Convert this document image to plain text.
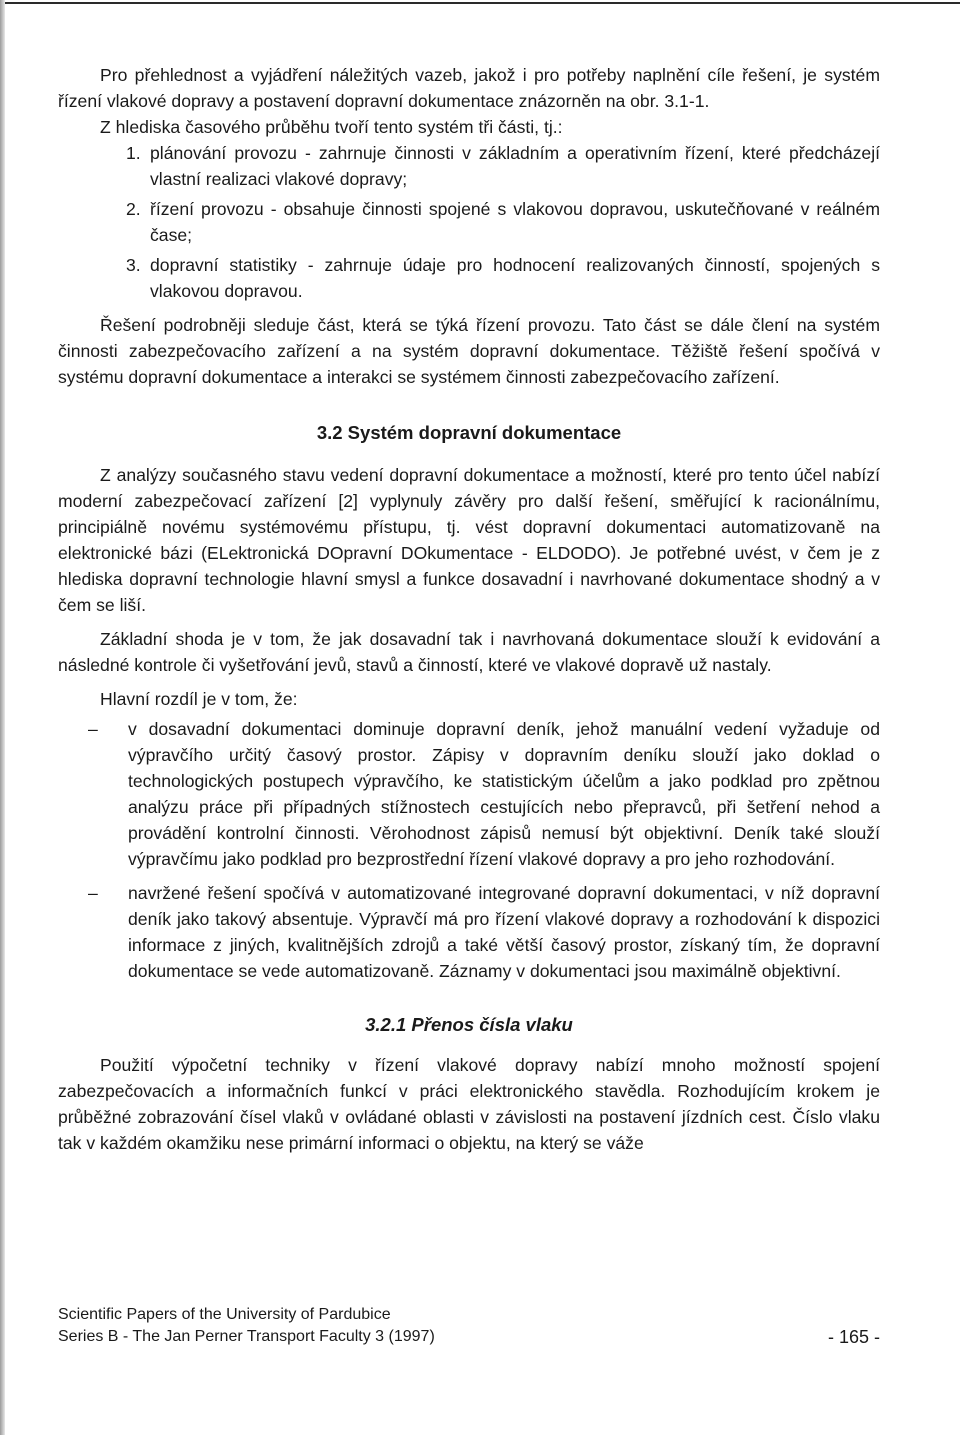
Pro přehlednost a vyjádření náležitých vazeb, jakož i pro potřeby naplnění cíle řešení, je systém řízení vlakové dopravy a postavení dopravní dokumentace znázorněn na obr. 3.1-1.

Z hlediska časového průběhu tvoří tento systém tři části, tj.:

1. plánování provozu - zahrnuje činnosti v základním a operativním řízení, které předcházejí vlastní realizaci vlakové dopravy;
2. řízení provozu - obsahuje činnosti spojené s vlakovou dopravou, uskutečňované v reálném čase;
3. dopravní statistiky - zahrnuje údaje pro hodnocení realizovaných činností, spojených s vlakovou dopravou.

Řešení podrobněji sleduje část, která se týká řízení provozu. Tato část se dále člení na systém činnosti zabezpečovacího zařízení a na systém dopravní dokumentace. Těžiště řešení spočívá v systému dopravní dokumentace a interakci se systémem činnosti zabezpečovacího zařízení.

3.2 Systém dopravní dokumentace

Z analýzy současného stavu vedení dopravní dokumentace a možností, které pro tento účel nabízí moderní zabezpečovací zařízení [2] vyplynuly závěry pro další řešení, směřující k racionálnímu, principiálně novému systémovému přístupu, tj. vést dopravní dokumentaci automatizovaně na elektronické bázi (ELektronická DOpravní DOkumentace - ELDODO). Je potřebné uvést, v čem je z hlediska dopravní technologie hlavní smysl a funkce dosavadní i navrhované dokumentace shodný a v čem se liší.

Základní shoda je v tom, že jak dosavadní tak i navrhovaná dokumentace slouží k evidování a následné kontrole či vyšetřování jevů, stavů a činností, které ve vlakové dopravě už nastaly.

Hlavní rozdíl je v tom, že:

–	v dosavadní dokumentaci dominuje dopravní deník, jehož manuální vedení vyžaduje od výpravčího určitý časový prostor. Zápisy v dopravním deníku slouží jako doklad o technologických postupech výpravčího, ke statistickým účelům a jako podklad pro zpětnou analýzu práce při případných stížnostech cestujících nebo přepravců, při šetření nehod a provádění kontrolní činnosti. Věrohodnost zápisů nemusí být objektivní. Deník také slouží výpravčímu jako podklad pro bezprostřední řízení vlakové dopravy a pro jeho rozhodování.
–	navržené řešení spočívá v automatizované integrované dopravní dokumentaci, v níž dopravní deník jako takový absentuje. Výpravčí má pro řízení vlakové dopravy a rozhodování k dispozici informace z jiných, kvalitnějších zdrojů a také větší časový prostor, získaný tím, že dopravní dokumentace se vede automatizovaně. Záznamy v dokumentaci jsou maximálně objektivní.
3.2.1 Přenos čísla vlaku

Použití výpočetní techniky v řízení vlakové dopravy nabízí mnoho možností spojení zabezpečovacích a informačních funkcí v práci elektronického stavědla. Rozhodujícím krokem je průběžné zobrazování čísel vlaků v ovládané oblasti v závislosti na postavení jízdních cest. Číslo vlaku tak v každém okamžiku nese primární informaci o objektu, na který se váže

Scientific Papers of the University of Pardubice
Series B - The Jan Perner Transport Faculty 3 (1997)	- 165 -
